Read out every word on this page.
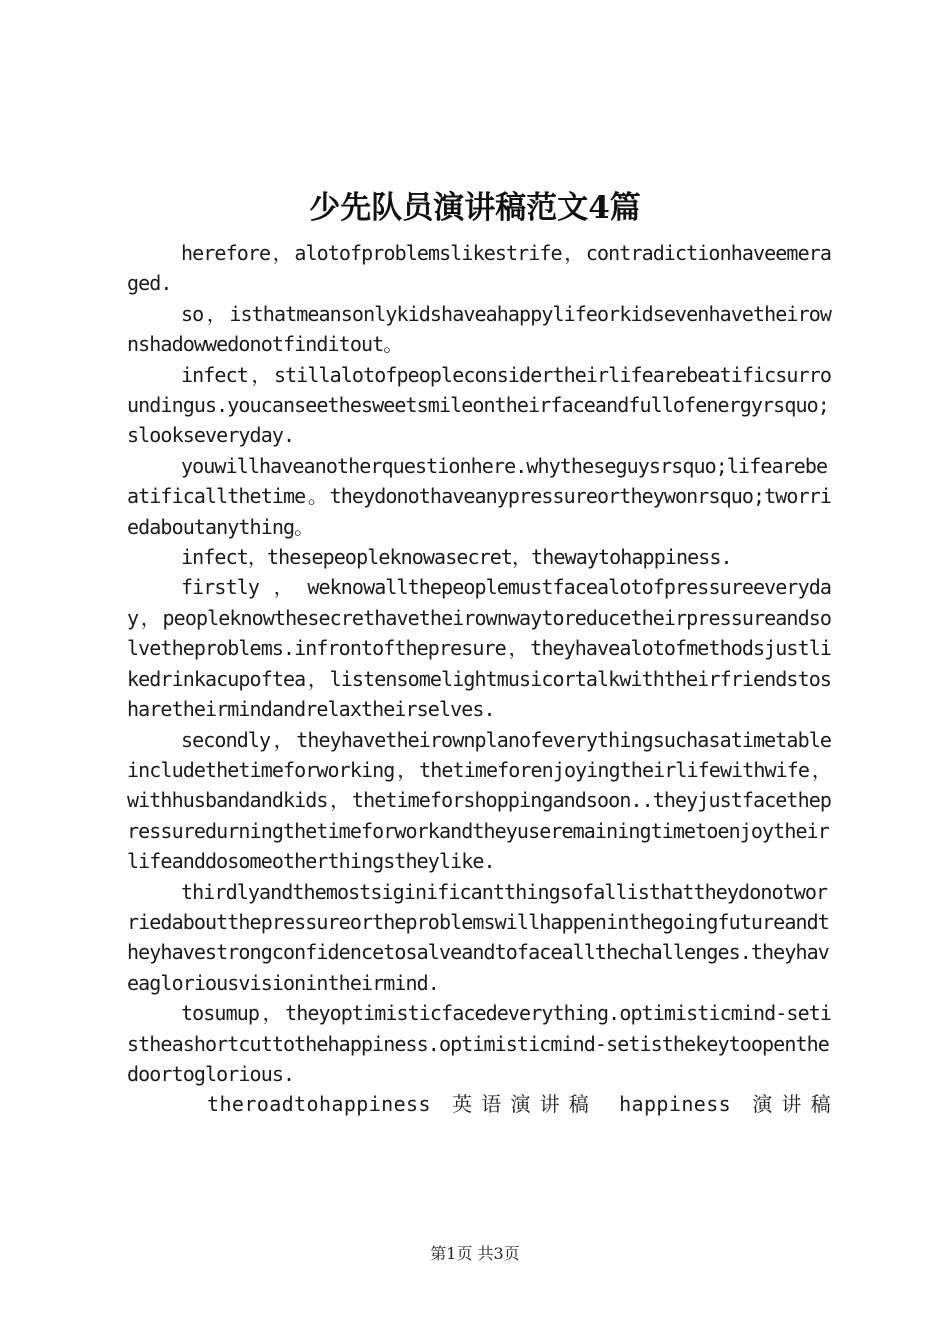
少先队员演讲稿范文4篇

herefore，alotofproblemslikestrife，contradictionhaveemeraged.

so，isthatmeansonlykidshaveahappylifeorkidsevenhavetheirownshadowwedonotfinditout。

infect，stillalotofpeopleconsidertheirlifearebeatificsurroundingus.youcanseethesweetsmileontheirfaceandfullofenergyrsquo;slookseveryday.

youwillhaveanotherquestionhere.whytheseguysrsquo;lifearebeatificallthetime。theydonothaveanypressureortheywonrsquo;tworriedaboutanything。

infect，thesepeopleknowasecret，thewaytohappiness.

firstly，weknowallthepeoplemustfacealotofpressureeveryday，peopleknowthesecrethavetheirownwaytoreducetheirpressureandsolvetheproblems.infrontofthepresure，theyhavealotofmethodsjustlikedrinkacupoftea，listensomelightmusicortalkwiththeirfriendstosharetheirmindandrelaxtheirselves.

secondly，theyhavetheirownplanofeverythingsuchasatimetableincludethetimeforworking，thetimeforenjoyingtheirlifewithwife，withhusbandandkids，thetimeforshoppingandsoon..theyjustfacethepressuredurningthetimeforworkandtheyuseremainingtimetoenjoytheirlifeanddosomeotherthingstheylike.

thirdlyandthemostsiginificantthingsofallisthattheydonotworriedaboutthepressureortheproblemswillhappeninthegoingfutureandtheyhavestrongconfidencetosalveandtofaceallthechallenges.theyhaveagloriousvisionintheirmind.

tosumup，theyoptimisticfacedeverything.optimisticmind-setistheashortcuttothehappiness.optimisticmind-setisthekeytoopenthedoortoglorious.

theroadtohappiness 英语演讲稿 happiness 演讲稿

第1页 共3页
